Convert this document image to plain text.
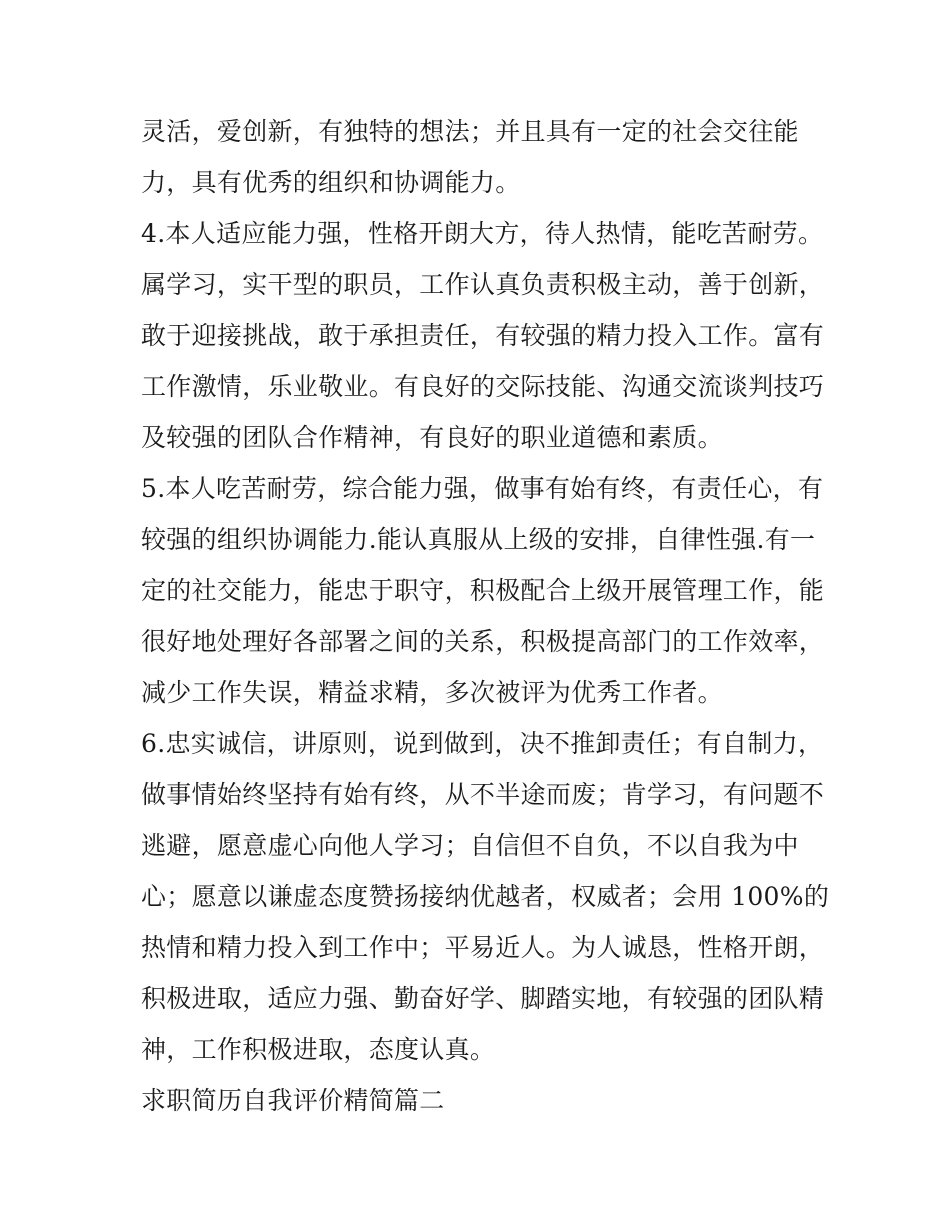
灵活，爱创新，有独特的想法；并且具有一定的社会交往能
力，具有优秀的组织和协调能力。
4.本人适应能力强，性格开朗大方，待人热情，能吃苦耐劳。
属学习，实干型的职员，工作认真负责积极主动，善于创新，
敢于迎接挑战，敢于承担责任，有较强的精力投入工作。富有
工作激情，乐业敬业。有良好的交际技能、沟通交流谈判技巧
及较强的团队合作精神，有良好的职业道德和素质。
5.本人吃苦耐劳，综合能力强，做事有始有终，有责任心，有
较强的组织协调能力.能认真服从上级的安排，自律性强.有一
定的社交能力，能忠于职守，积极配合上级开展管理工作，能
很好地处理好各部署之间的关系，积极提高部门的工作效率，
减少工作失误，精益求精，多次被评为优秀工作者。
6.忠实诚信，讲原则，说到做到，决不推卸责任；有自制力，
做事情始终坚持有始有终，从不半途而废；肯学习，有问题不
逃避，愿意虚心向他人学习；自信但不自负，不以自我为中
心；愿意以谦虚态度赞扬接纳优越者，权威者；会用 100%的
热情和精力投入到工作中；平易近人。为人诚恳，性格开朗，
积极进取，适应力强、勤奋好学、脚踏实地，有较强的团队精
神，工作积极进取，态度认真。
求职简历自我评价精简篇二
